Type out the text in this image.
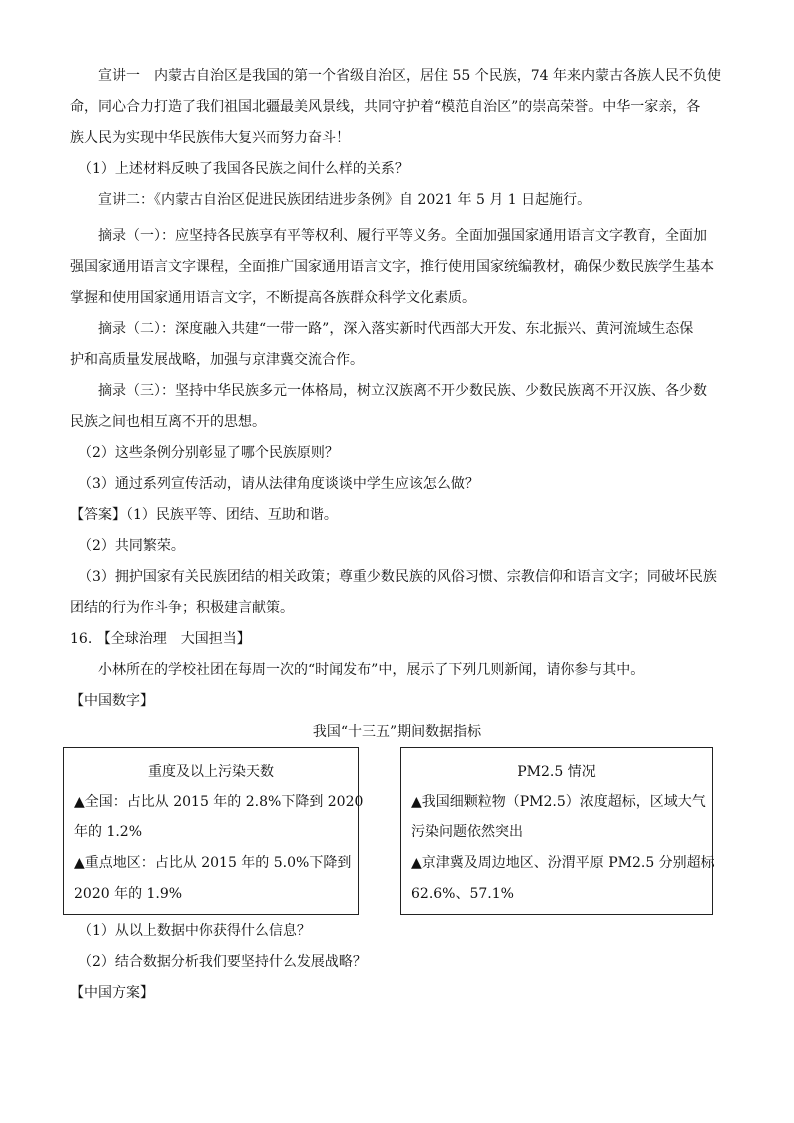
宣讲一　内蒙古自治区是我国的第一个省级自治区，居住 55 个民族，74 年来内蒙古各族人民不负使
命，同心合力打造了我们祖国北疆最美风景线，共同守护着“模范自治区”的崇高荣誉。中华一家亲，各
族人民为实现中华民族伟大复兴而努力奋斗！
（1）上述材料反映了我国各民族之间什么样的关系？
宣讲二：《内蒙古自治区促进民族团结进步条例》自 2021 年 5 月 1 日起施行。
摘录（一）：应坚持各民族享有平等权利、履行平等义务。全面加强国家通用语言文字教育，全面加
强国家通用语言文字课程，全面推广国家通用语言文字，推行使用国家统编教材，确保少数民族学生基本
掌握和使用国家通用语言文字，不断提高各族群众科学文化素质。
摘录（二）：深度融入共建“一带一路”，深入落实新时代西部大开发、东北振兴、黄河流域生态保
护和高质量发展战略，加强与京津冀交流合作。
摘录（三）：坚持中华民族多元一体格局，树立汉族离不开少数民族、少数民族离不开汉族、各少数
民族之间也相互离不开的思想。
（2）这些条例分别彰显了哪个民族原则？
（3）通过系列宣传活动，请从法律角度谈谈中学生应该怎么做？
【答案】（1）民族平等、团结、互助和谐。
（2）共同繁荣。
（3）拥护国家有关民族团结的相关政策；尊重少数民族的风俗习惯、宗教信仰和语言文字；同破坏民族
团结的行为作斗争；积极建言献策。
16. 【全球治理　大国担当】
小林所在的学校社团在每周一次的“时闻发布”中，展示了下列几则新闻，请你参与其中。
【中国数字】
我国“十三五”期间数据指标
重度及以上污染天数
▲全国：占比从 2015 年的 2.8%下降到 2020
年的 1.2%
▲重点地区：占比从 2015 年的 5.0%下降到
2020 年的 1.9%
PM2.5 情况
▲我国细颗粒物（PM2.5）浓度超标，区域大气
污染问题依然突出
▲京津冀及周边地区、汾渭平原 PM2.5 分别超标
62.6%、57.1%
（1）从以上数据中你获得什么信息？
（2）结合数据分析我们要坚持什么发展战略？
【中国方案】
